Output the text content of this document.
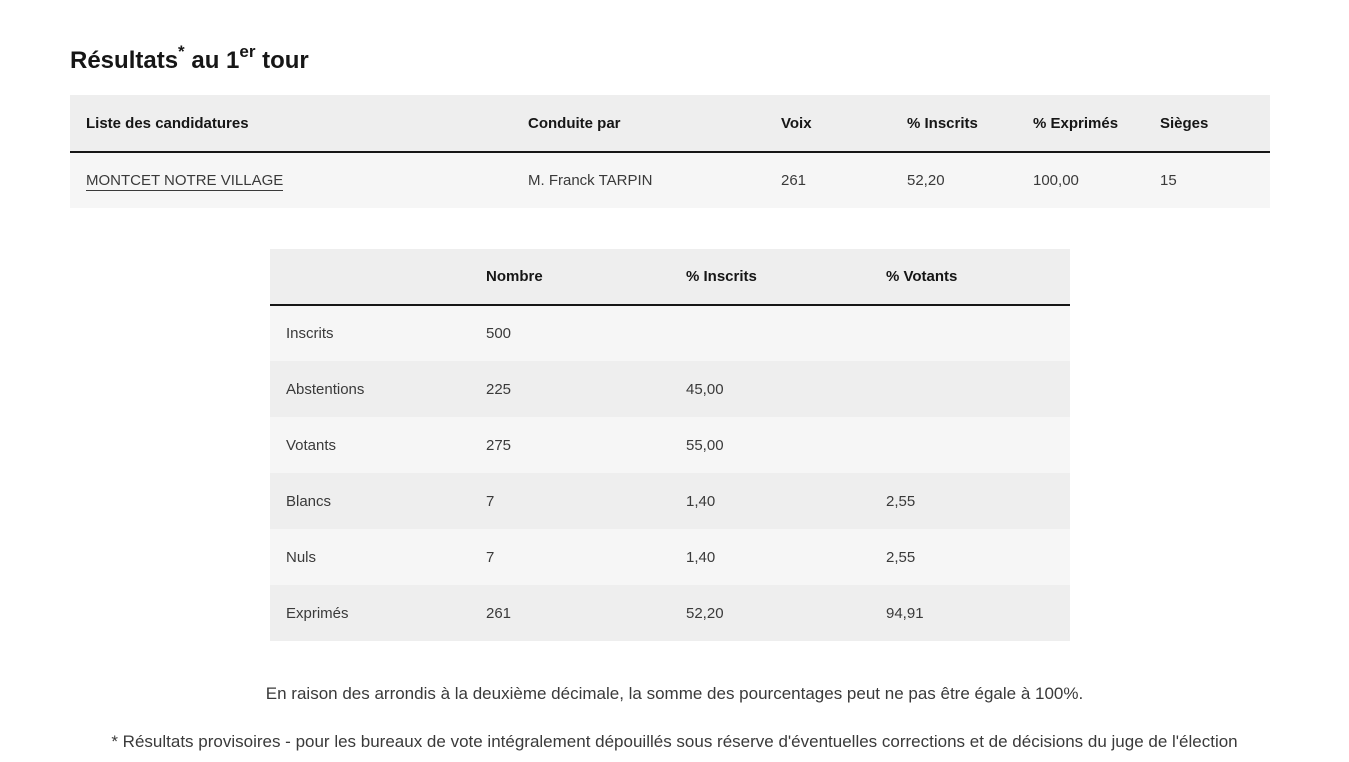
Résultats* au 1er tour
Liste des candidatures	Conduite par	Voix	% Inscrits	% Exprimés	Sièges
MONTCET NOTRE VILLAGE	M. Franck TARPIN	261	52,20	100,00	15
	Nombre	% Inscrits	% Votants
Inscrits	500		
Abstentions	225	45,00	
Votants	275	55,00	
Blancs	7	1,40	2,55
Nuls	7	1,40	2,55
Exprimés	261	52,20	94,91

En raison des arrondis à la deuxième décimale, la somme des pourcentages peut ne pas être égale à 100%.

* Résultats provisoires - pour les bureaux de vote intégralement dépouillés sous réserve d'éventuelles corrections et de décisions du juge de l'élection
